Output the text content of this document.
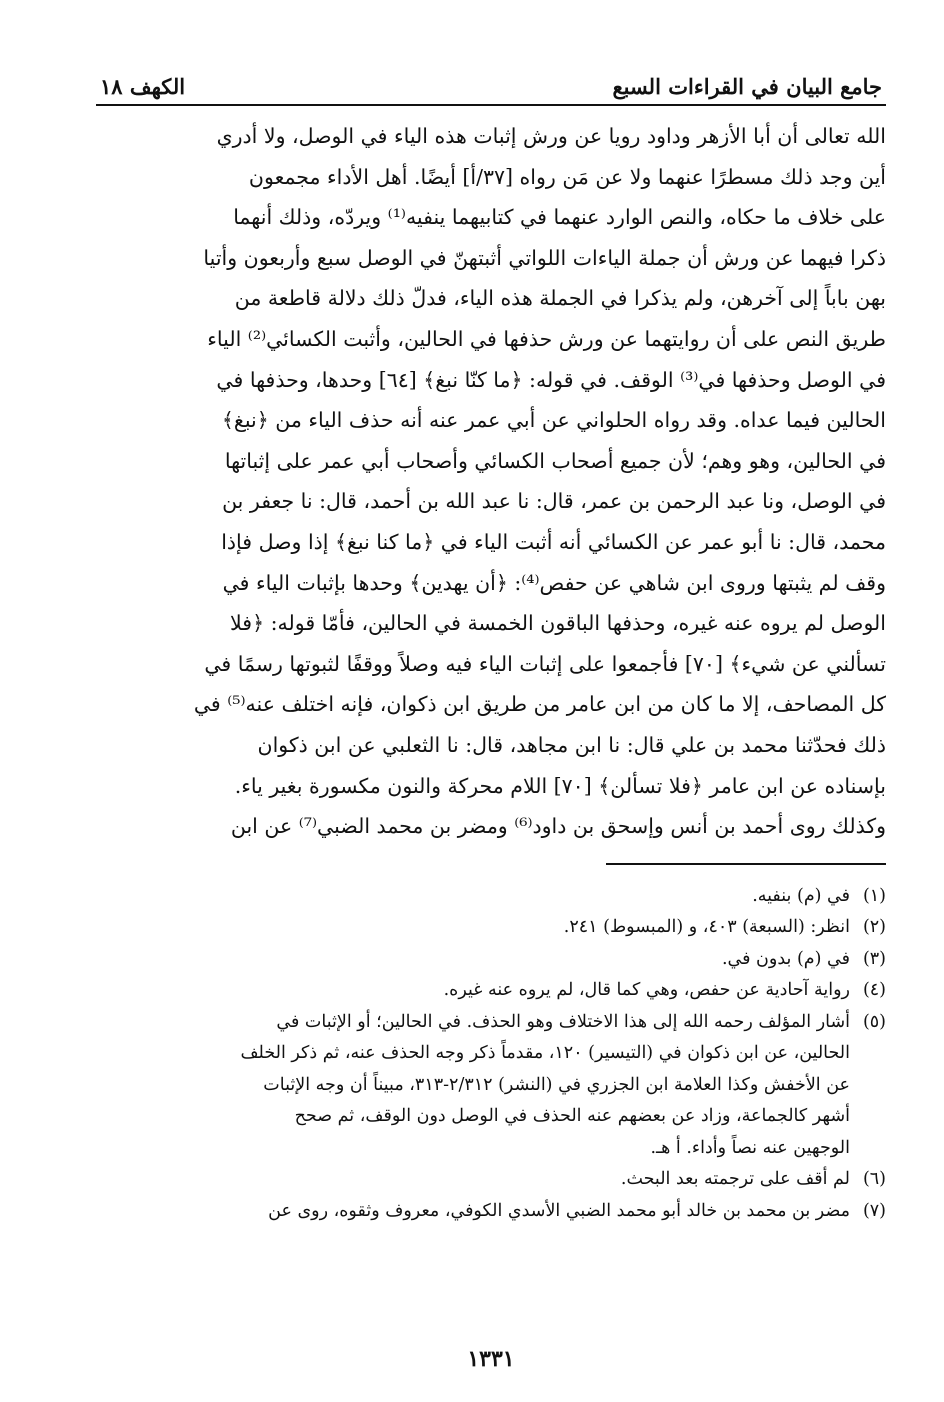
جامع البيان في القراءات السبع
الكهف ١٨
الله تعالى أن أبا الأزهر وداود رويا عن ورش إثبات هذه الياء في الوصل، ولا أدري
أين وجد ذلك مسطرًا عنهما ولا عن مَن رواه [٣٧/أ] أيضًا. أهل الأداء مجمعون
على خلاف ما حكاه، والنص الوارد عنهما في كتابيهما ينفيه⁽¹⁾ ويردّه، وذلك أنهما
ذكرا فيهما عن ورش أن جملة الياءات اللواتي أثبتهنّ في الوصل سبع وأربعون وأتيا
بهن باباً إلى آخرهن، ولم يذكرا في الجملة هذه الياء، فدلّ ذلك دلالة قاطعة من
طريق النص على أن روايتهما عن ورش حذفها في الحالين، وأثبت الكسائي⁽²⁾ الياء
في الوصل وحذفها في⁽³⁾ الوقف. في قوله: ﴿ما كنّا نبغ﴾ [٦٤] وحدها، وحذفها في
الحالين فيما عداه. وقد رواه الحلواني عن أبي عمر عنه أنه حذف الياء من ﴿نبغ﴾
في الحالين، وهو وهم؛ لأن جميع أصحاب الكسائي وأصحاب أبي عمر على إثباتها
في الوصل، ونا عبد الرحمن بن عمر، قال: نا عبد الله بن أحمد، قال: نا جعفر بن
محمد، قال: نا أبو عمر عن الكسائي أنه أثبت الياء في ﴿ما كنا نبغ﴾ إذا وصل فإذا
وقف لم يثبتها وروى ابن شاهي عن حفص⁽⁴⁾: ﴿أن يهدين﴾ وحدها بإثبات الياء في
الوصل لم يروه عنه غيره، وحذفها الباقون الخمسة في الحالين، فأمّا قوله: ﴿فلا
تسألني عن شيء﴾ [٧٠] فأجمعوا على إثبات الياء فيه وصلاً ووقفًا لثبوتها رسمًا في
كل المصاحف، إلا ما كان من ابن عامر من طريق ابن ذكوان، فإنه اختلف عنه⁽⁵⁾ في
ذلك فحدّثنا محمد بن علي قال: نا ابن مجاهد، قال: نا الثعلبي عن ابن ذكوان
بإسناده عن ابن عامر ﴿فلا تسألن﴾ [٧٠] اللام محركة والنون مكسورة بغير ياء.
وكذلك روى أحمد بن أنس وإسحق بن داود⁽⁶⁾ ومضر بن محمد الضبي⁽⁷⁾ عن ابن
(١)
في (م) بنفيه.
(٢)
انظر: (السبعة) ٤٠٣، و (المبسوط) ٢٤١.
(٣)
في (م) بدون في.
(٤)
رواية آحادية عن حفص، وهي كما قال، لم يروه عنه غيره.
(٥)
أشار المؤلف رحمه الله إلى هذا الاختلاف وهو الحذف. في الحالين؛ أو الإثبات في
الحالين، عن ابن ذكوان في (التيسير) ١٢٠، مقدماً ذكر وجه الحذف عنه، ثم ذكر الخلف
عن الأخفش وكذا العلامة ابن الجزري في (النشر) ٢/٣١٢-٣١٣، مبيناً أن وجه الإثبات
أشهر كالجماعة، وزاد عن بعضهم عنه الحذف في الوصل دون الوقف، ثم صحح
الوجهين عنه نصاً وأداء. أ هـ.
(٦)
لم أقف على ترجمته بعد البحث.
(٧)
مضر بن محمد بن خالد أبو محمد الضبي الأسدي الكوفي، معروف وثقوه، روى عن
١٣٣١
